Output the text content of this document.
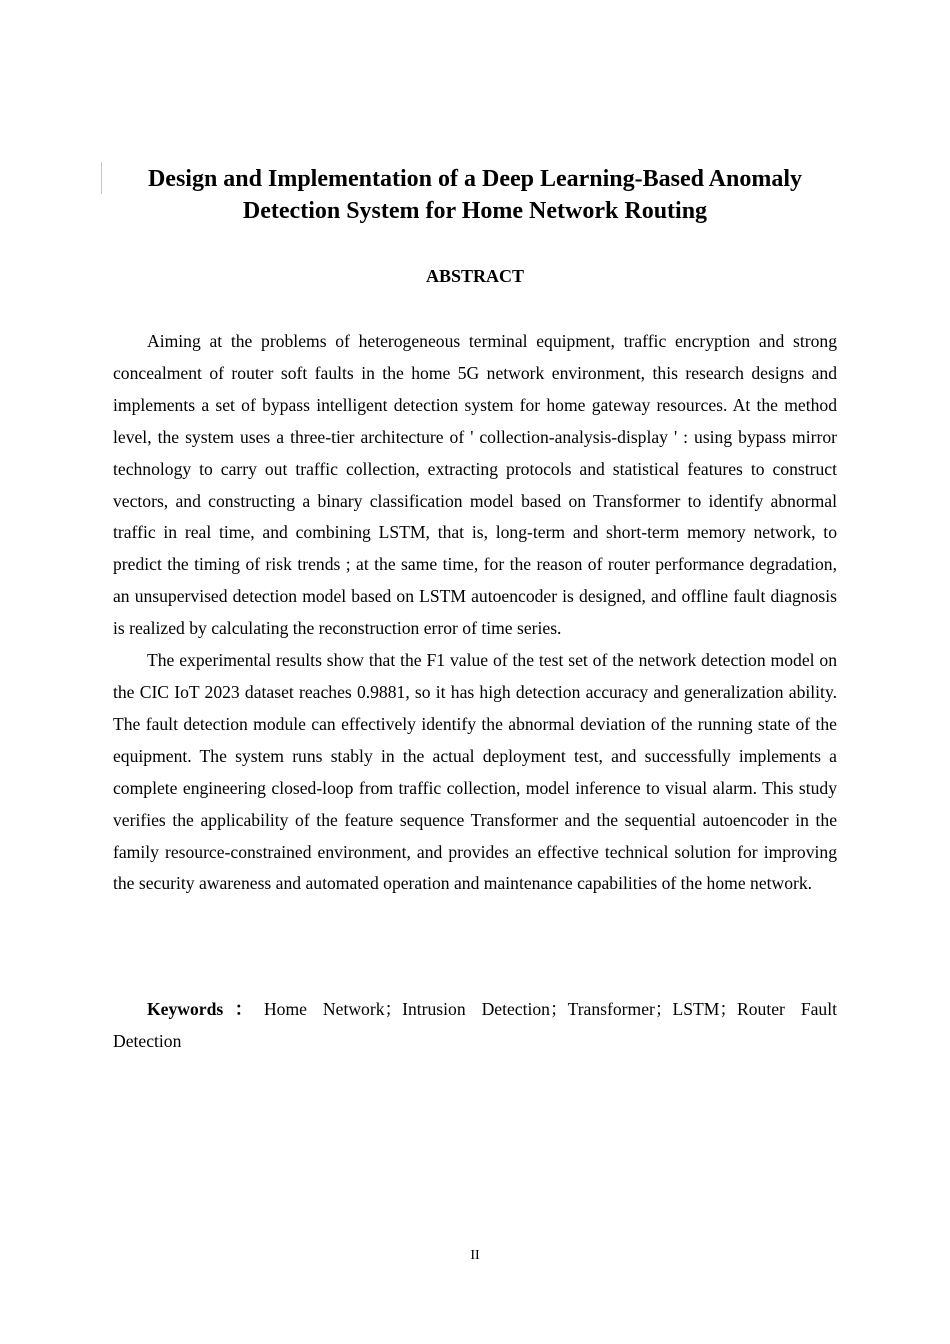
Design and Implementation of a Deep Learning-Based Anomaly
Detection System for Home Network Routing
ABSTRACT

Aiming at the problems of heterogeneous terminal equipment, traffic encryption and strong concealment of router soft faults in the home 5G network environment, this research designs and implements a set of bypass intelligent detection system for home gateway resources. At the method level, the system uses a three-tier architecture of ' collection-analysis-display ' : using bypass mirror technology to carry out traffic collection, extracting protocols and statistical features to construct vectors, and constructing a binary classification model based on Transformer to identify abnormal traffic in real time, and combining LSTM, that is, long-term and short-term memory network, to predict the timing of risk trends ; at the same time, for the reason of router performance degradation, an unsupervised detection model based on LSTM autoencoder is designed, and offline fault diagnosis is realized by calculating the reconstruction error of time series.

The experimental results show that the F1 value of the test set of the network detection model on the CIC IoT 2023 dataset reaches 0.9881, so it has high detection accuracy and generalization ability. The fault detection module can effectively identify the abnormal deviation of the running state of the equipment. The system runs stably in the actual deployment test, and successfully implements a complete engineering closed-loop from traffic collection, model inference to visual alarm. This study verifies the applicability of the feature sequence Transformer and the sequential autoencoder in the family resource-constrained environment, and provides an effective technical solution for improving the security awareness and automated operation and maintenance capabilities of the home network.

Keywords：Home Network；Intrusion Detection；Transformer；LSTM；Router Fault Detection

II
